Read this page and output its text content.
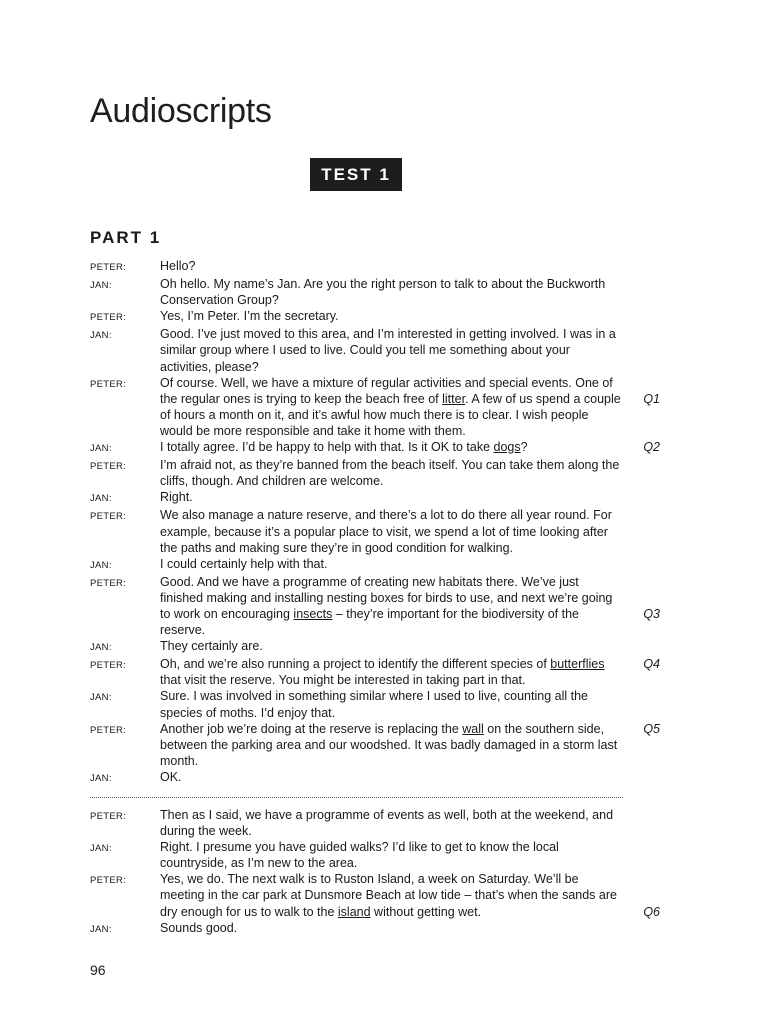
Audioscripts
TEST 1
PART 1
PETER:	Hello?
JAN:	Oh hello. My name’s Jan. Are you the right person to talk to about the Buckworth Conservation Group?
PETER:	Yes, I’m Peter. I’m the secretary.
JAN:	Good. I’ve just moved to this area, and I’m interested in getting involved. I was in a similar group where I used to live. Could you tell me something about your activities, please?
PETER:	Of course. Well, we have a mixture of regular activities and special events. One of the regular ones is trying to keep the beach free of litter. A few of us spend a couple of hours a month on it, and it’s awful how much there is to clear. I wish people would be more responsible and take it home with them.
Q1
JAN:	I totally agree. I’d be happy to help with that. Is it OK to take dogs?	Q2
PETER:	I’m afraid not, as they’re banned from the beach itself. You can take them along the cliffs, though. And children are welcome.
JAN:	Right.
PETER:	We also manage a nature reserve, and there’s a lot to do there all year round. For example, because it’s a popular place to visit, we spend a lot of time looking after the paths and making sure they’re in good condition for walking.
JAN:	I could certainly help with that.
PETER:	Good. And we have a programme of creating new habitats there. We’ve just finished making and installing nesting boxes for birds to use, and next we’re going to work on encouraging insects – they’re important for the biodiversity of the reserve.
Q3
JAN:	They certainly are.
PETER:	Oh, and we’re also running a project to identify the different species of butterflies that visit the reserve. You might be interested in taking part in that.
Q4
JAN:	Sure. I was involved in something similar where I used to live, counting all the species of moths. I’d enjoy that.
PETER:	Another job we’re doing at the reserve is replacing the wall on the southern side, between the parking area and our woodshed. It was badly damaged in a storm last month.
Q5
JAN:	OK.
PETER:	Then as I said, we have a programme of events as well, both at the weekend, and during the week.
JAN:	Right. I presume you have guided walks? I’d like to get to know the local countryside, as I’m new to the area.
PETER:	Yes, we do. The next walk is to Ruston Island, a week on Saturday. We’ll be meeting in the car park at Dunsmore Beach at low tide – that’s when the sands are dry enough for us to walk to the island without getting wet.	Q6
JAN:	Sounds good.
96
